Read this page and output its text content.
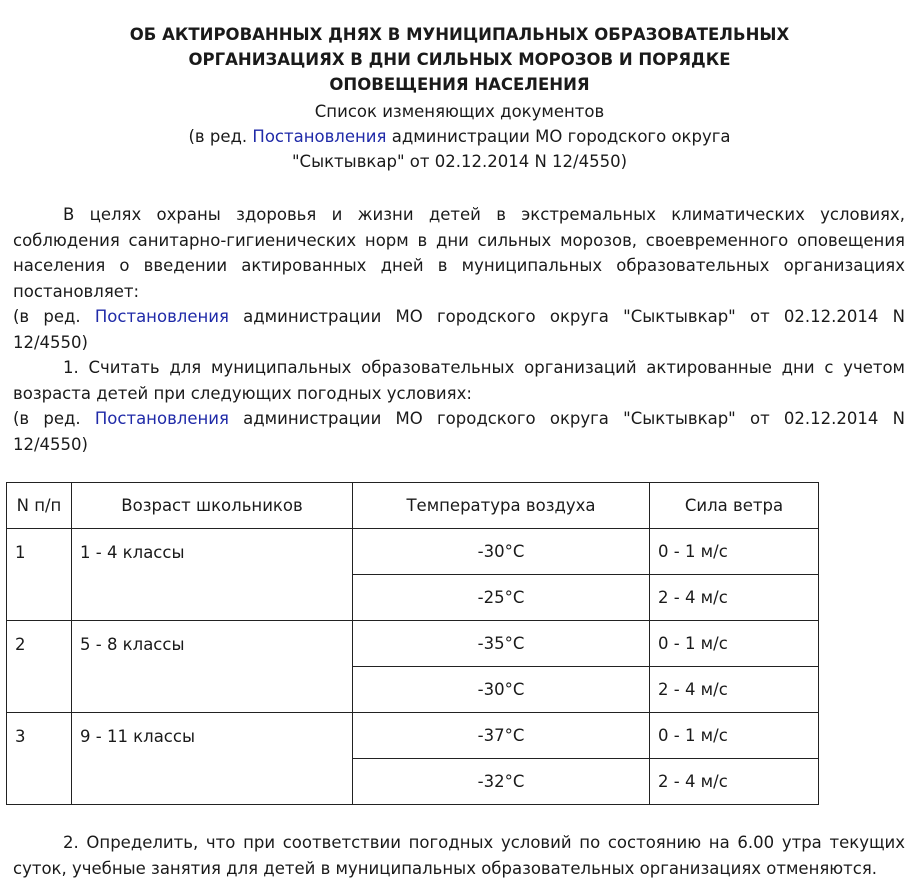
ОБ АКТИРОВАННЫХ ДНЯХ В МУНИЦИПАЛЬНЫХ ОБРАЗОВАТЕЛЬНЫХ
ОРГАНИЗАЦИЯХ В ДНИ СИЛЬНЫХ МОРОЗОВ И ПОРЯДКЕ
ОПОВЕЩЕНИЯ НАСЕЛЕНИЯ
Список изменяющих документов
(в ред. Постановления администрации МО городского округа
"Сыктывкар" от 02.12.2014 N 12/4550)
В целях охраны здоровья и жизни детей в экстремальных климатических условиях, соблюдения санитарно-гигиенических норм в дни сильных морозов, своевременного оповещения населения о введении актированных дней в муниципальных образовательных организациях постановляет:
(в ред. Постановления администрации МО городского округа "Сыктывкар" от 02.12.2014 N
12/4550)
1. Считать для муниципальных образовательных организаций актированные дни с учетом возраста детей при следующих погодных условиях:
(в ред. Постановления администрации МО городского округа "Сыктывкар" от 02.12.2014 N
12/4550)
N п/п	Возраст школьников	Температура воздуха	Сила ветра
1	1 - 4 классы	-30°С	0 - 1 м/с
		-25°С	2 - 4 м/с
2	5 - 8 классы	-35°С	0 - 1 м/с
		-30°С	2 - 4 м/с
3	9 - 11 классы	-37°С	0 - 1 м/с
		-32°С	2 - 4 м/с
2. Определить, что при соответствии погодных условий по состоянию на 6.00 утра текущих суток, учебные занятия для детей в муниципальных образовательных организациях отменяются.
